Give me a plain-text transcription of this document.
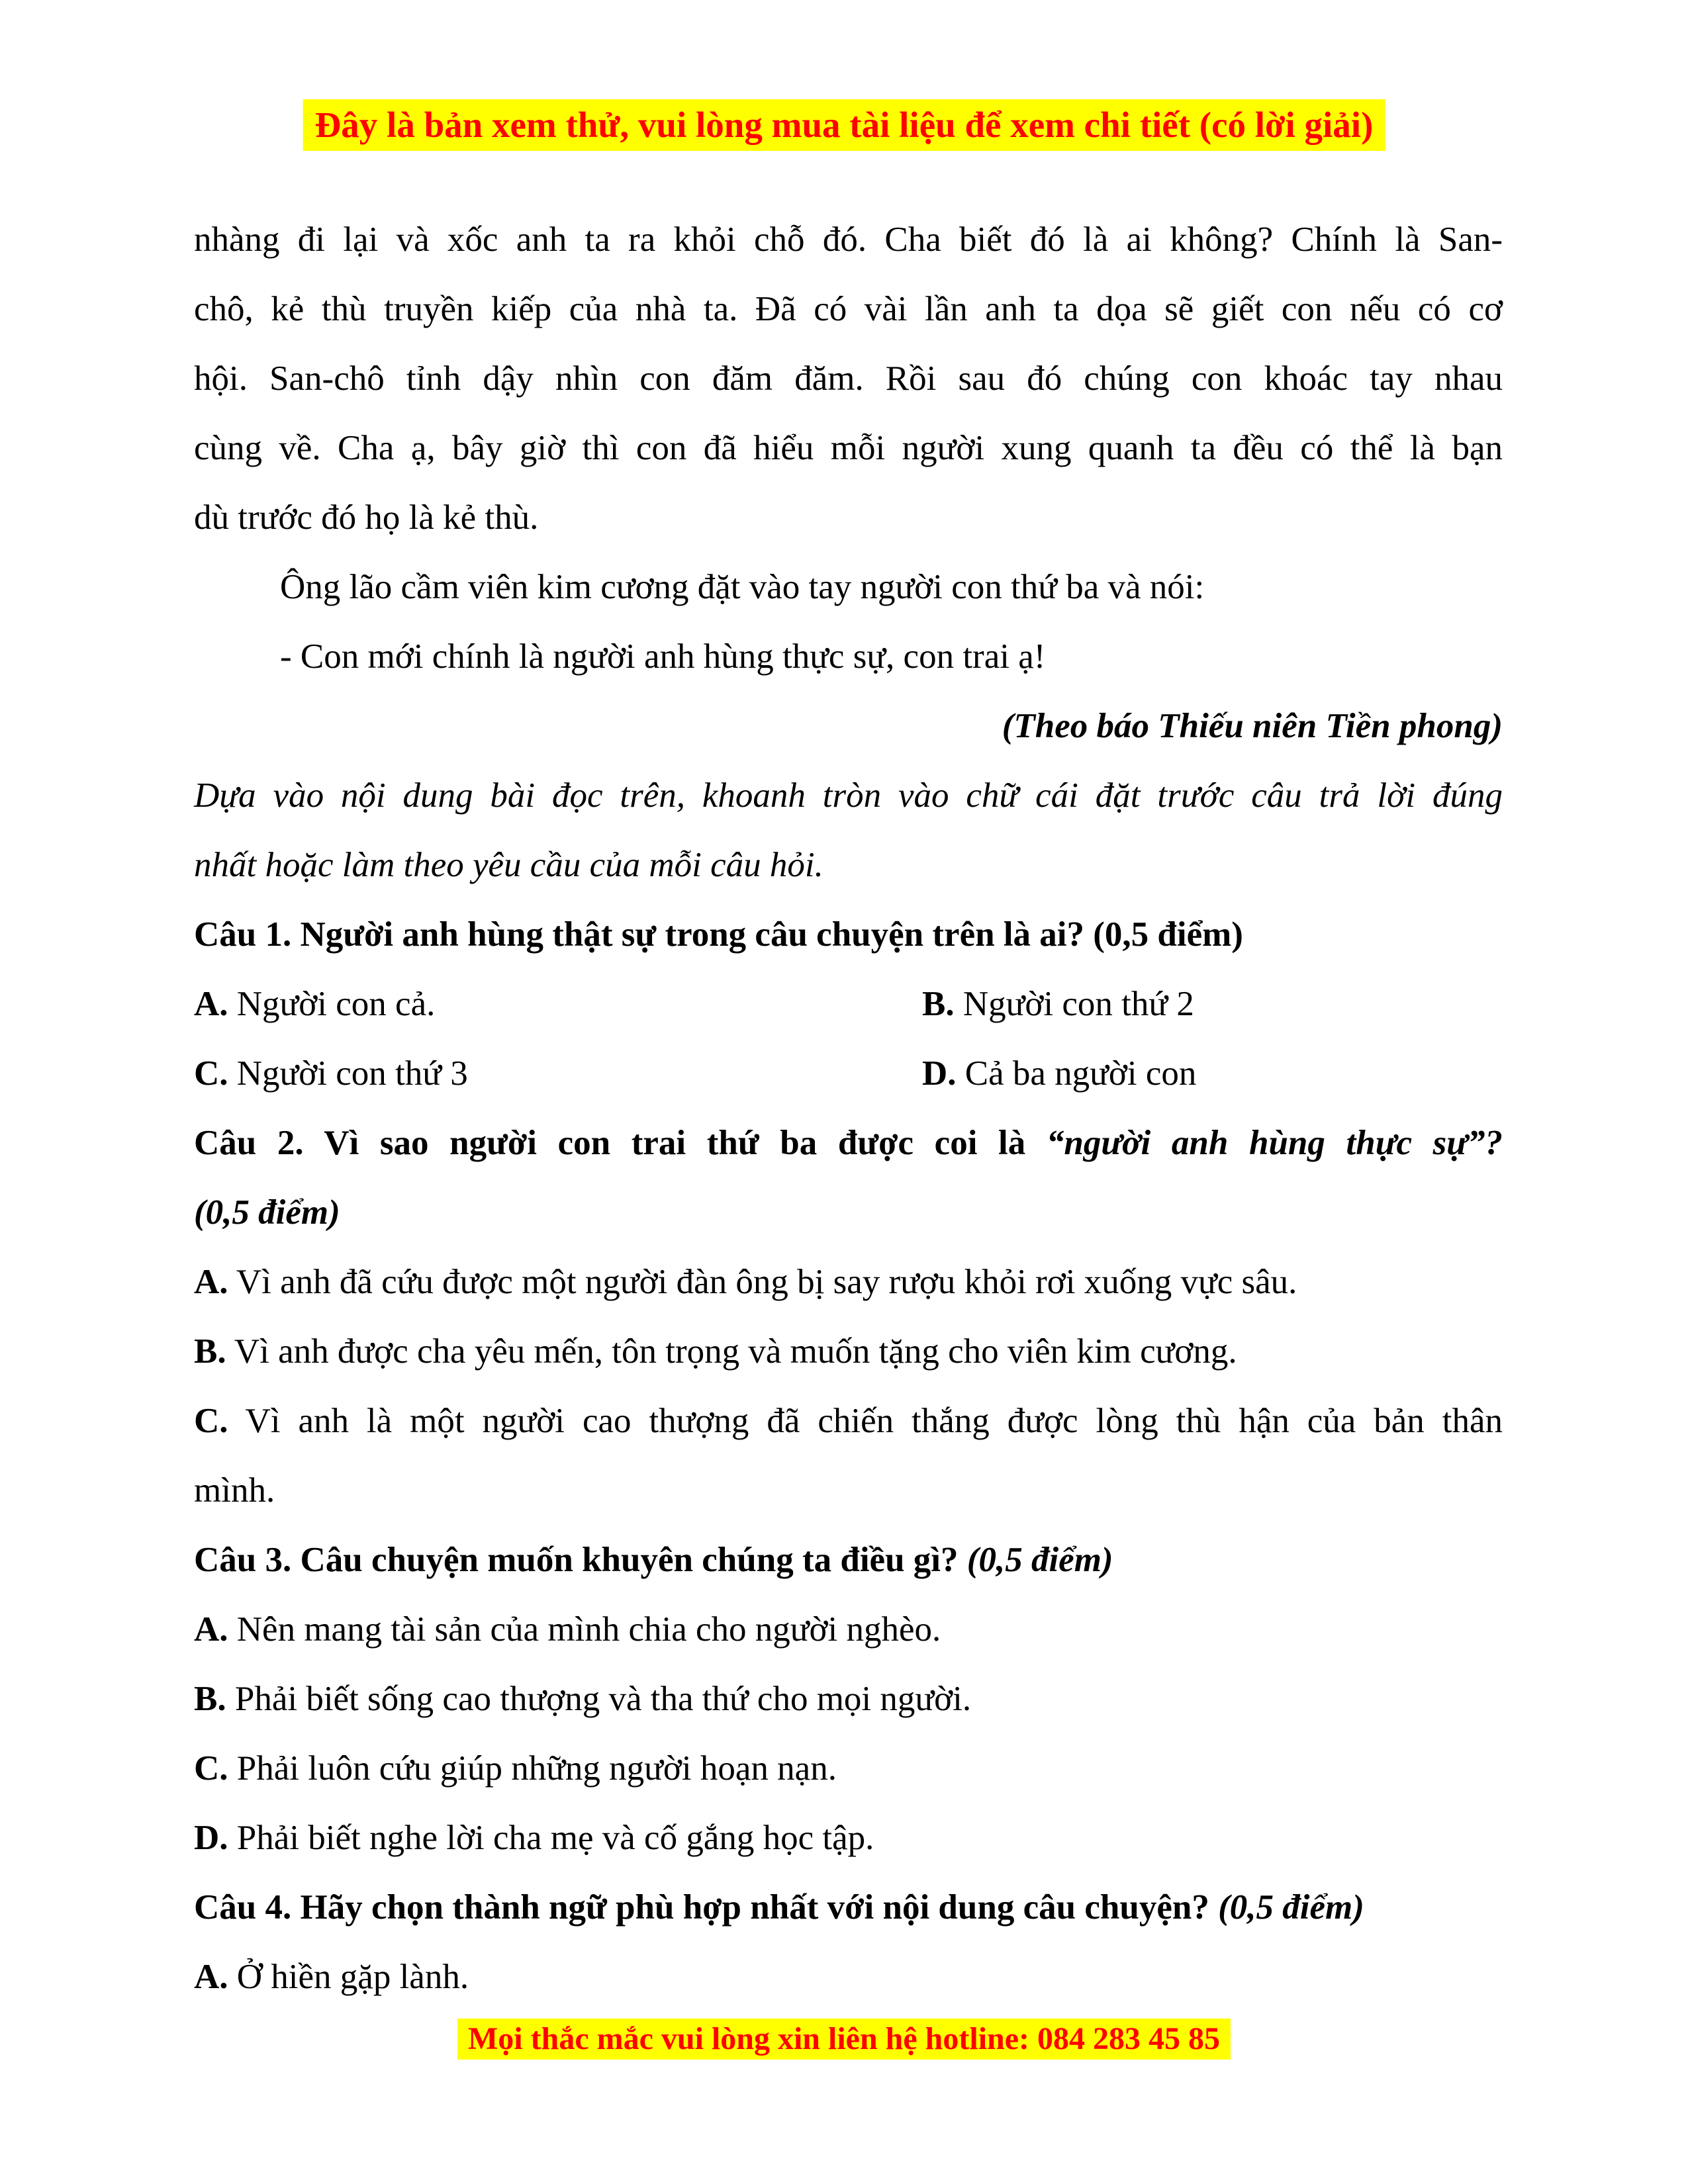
Đây là bản xem thử, vui lòng mua tài liệu để xem chi tiết (có lời giải)
nhàng đi lại và xốc anh ta ra khỏi chỗ đó. Cha biết đó là ai không? Chính là San-
chô, kẻ thù truyền kiếp của nhà ta. Đã có vài lần anh ta dọa sẽ giết con nếu có cơ
hội. San-chô tỉnh dậy nhìn con đăm đăm. Rồi sau đó chúng con khoác tay nhau
cùng về. Cha ạ, bây giờ thì con đã hiểu mỗi người xung quanh ta đều có thể là bạn
dù trước đó họ là kẻ thù.
Ông lão cầm viên kim cương đặt vào tay người con thứ ba và nói:
- Con mới chính là người anh hùng thực sự, con trai ạ!
(Theo báo Thiếu niên Tiền phong)
Dựa vào nội dung bài đọc trên, khoanh tròn vào chữ cái đặt trước câu trả lời đúng
nhất hoặc làm theo yêu cầu của mỗi câu hỏi.
Câu 1. Người anh hùng thật sự trong câu chuyện trên là ai? (0,5 điểm)
A. Người con cả.	B. Người con thứ 2
C. Người con thứ 3	D. Cả ba người con
Câu 2. Vì sao người con trai thứ ba được coi là “người anh hùng thực sự”?
(0,5 điểm)
A. Vì anh đã cứu được một người đàn ông bị say rượu khỏi rơi xuống vực sâu.
B. Vì anh được cha yêu mến, tôn trọng và muốn tặng cho viên kim cương.
C. Vì anh là một người cao thượng đã chiến thắng được lòng thù hận của bản thân
mình.
Câu 3. Câu chuyện muốn khuyên chúng ta điều gì? (0,5 điểm)
A. Nên mang tài sản của mình chia cho người nghèo.
B. Phải biết sống cao thượng và tha thứ cho mọi người.
C. Phải luôn cứu giúp những người hoạn nạn.
D. Phải biết nghe lời cha mẹ và cố gắng học tập.
Câu 4. Hãy chọn thành ngữ phù hợp nhất với nội dung câu chuyện? (0,5 điểm)
A. Ở hiền gặp lành.
Mọi thắc mắc vui lòng xin liên hệ hotline: 084 283 45 85
